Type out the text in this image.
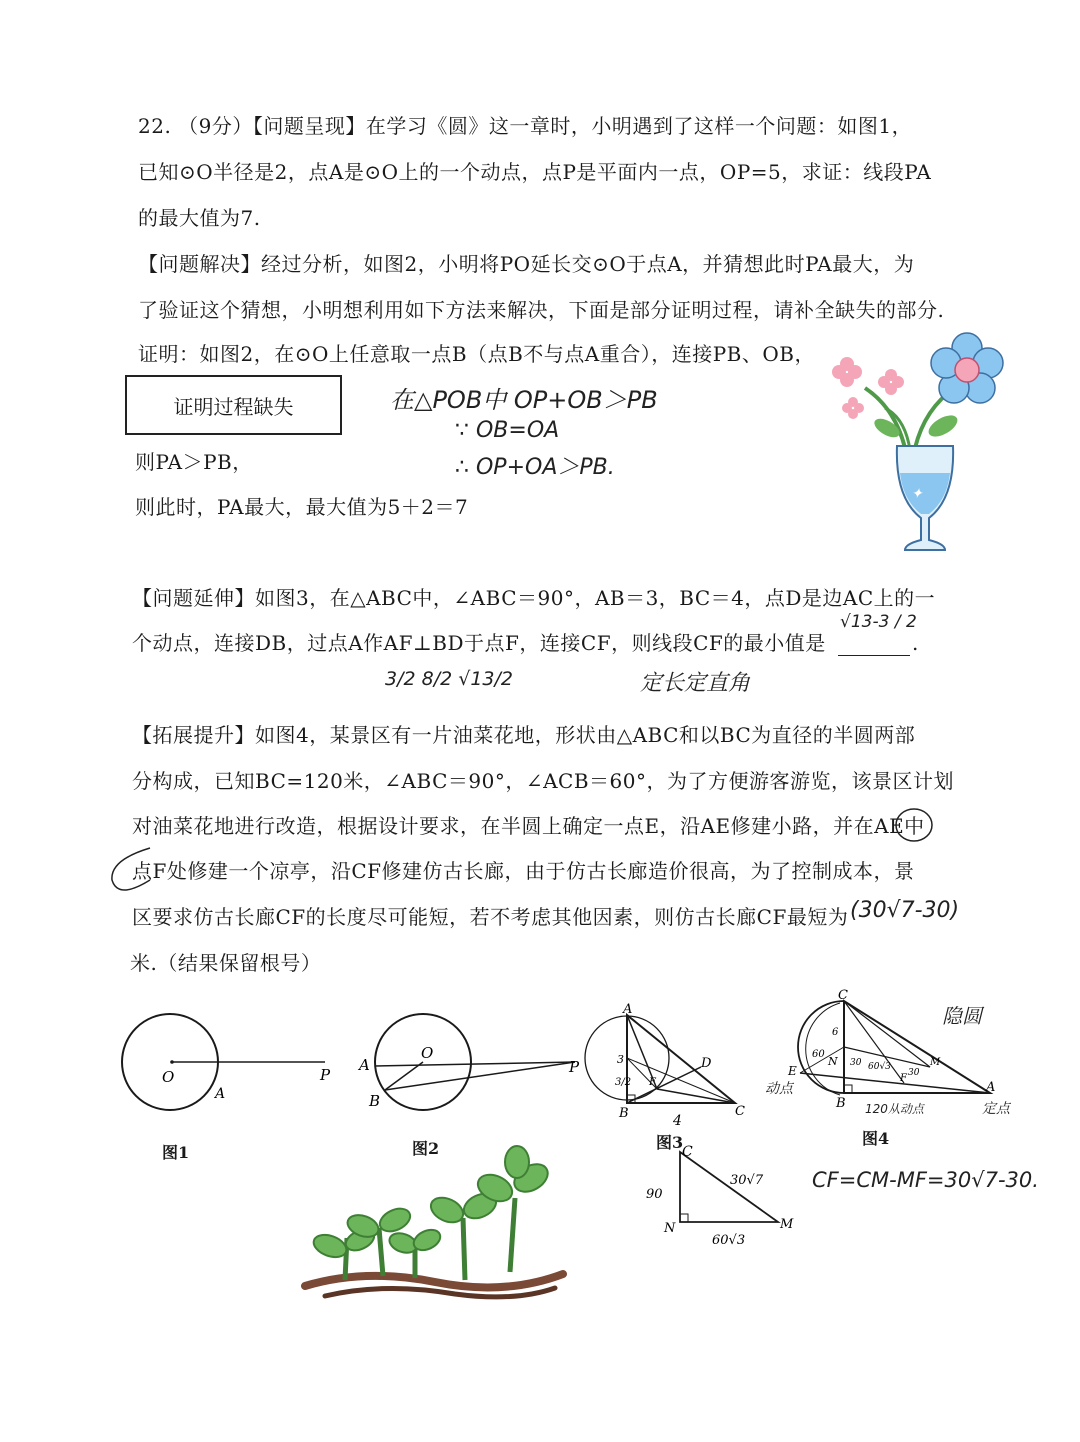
22. （9分）【问题呈现】在学习《圆》这一章时，小明遇到了这样一个问题：如图1，
已知⊙O半径是2，点A是⊙O上的一个动点，点P是平面内一点，OP=5，求证：线段PA
的最大值为7.
【问题解决】经过分析，如图2，小明将PO延长交⊙O于点A，并猜想此时PA最大，为
了验证这个猜想，小明想利用如下方法来解决，下面是部分证明过程，请补全缺失的部分.
证明：如图2，在⊙O上任意取一点B（点B不与点A重合），连接PB、OB，
证明过程缺失	在△POB中 OP+OB＞PB
∵ OB=OA
∴ OP+OA＞PB.
则PA＞PB，
则此时，PA最大，最大值为5＋2＝7
【问题延伸】如图3，在△ABC中，∠ABC＝90°，AB＝3，BC＝4，点D是边AC上的一
个动点，连接DB，过点A作AF⊥BD于点F，连接CF，则线段CF的最小值是
√13-3 / 2
.
3/2 8/2 √13/2	定长定直角
【拓展提升】如图4，某景区有一片油菜花地，形状由△ABC和以BC为直径的半圆两部
分构成，已知BC=120米，∠ABC＝90°，∠ACB＝60°，为了方便游客游览，该景区计划
对油菜花地进行改造，根据设计要求，在半圆上确定一点E，沿AE修建小路，并在AE中
点F处修建一个凉亭，沿CF修建仿古长廊，由于仿古长廊造价很高，为了控制成本，景
区要求仿古长廊CF的长度尽可能短，若不考虑其他因素，则仿古长廊CF最短为 (30√7-30)
米.（结果保留根号）
✦
O
A
P
图1
A
O
B
P
图2
A
B	C
D
F
3
3/2
4
图3
C
B
A
E
N	M
F
6
60
30 60√3
30
隐圆
动点
定点
120从动点
图4
C
N	M
90
30√7
60√3
CF=CM-MF=30√7-30.
